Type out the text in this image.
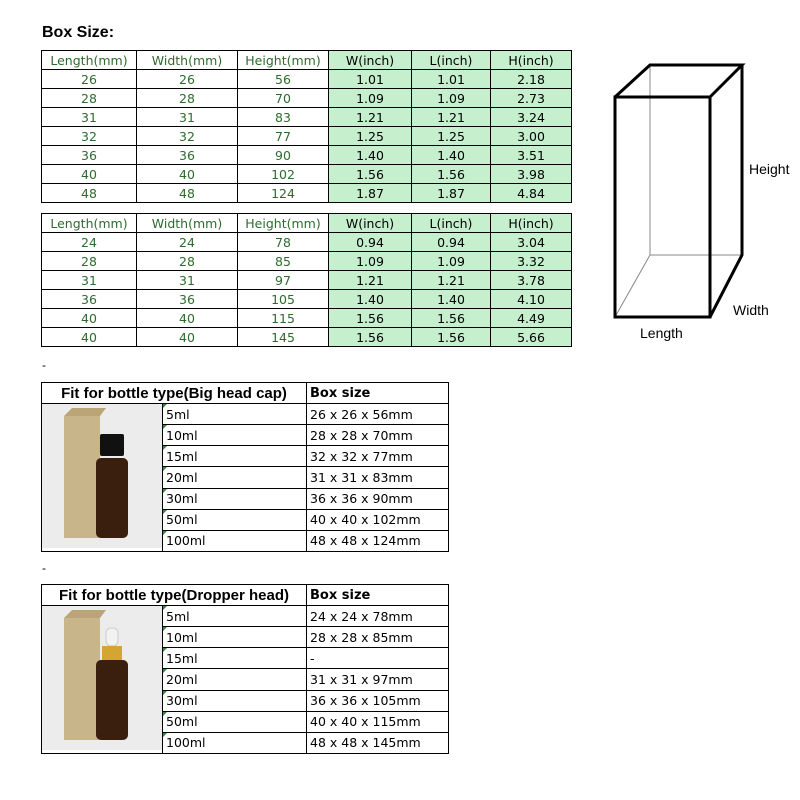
Box Size:
Length(mm)	Width(mm)	Height(mm)	W(inch)	L(inch)	H(inch)
26	26	56	1.01	1.01	2.18
28	28	70	1.09	1.09	2.73
31	31	83	1.21	1.21	3.24
32	32	77	1.25	1.25	3.00
36	36	90	1.40	1.40	3.51
40	40	102	1.56	1.56	3.98
48	48	124	1.87	1.87	4.84
Length(mm)	Width(mm)	Height(mm)	W(inch)	L(inch)	H(inch)
24	24	78	0.94	0.94	3.04
28	28	85	1.09	1.09	3.32
31	31	97	1.21	1.21	3.78
36	36	105	1.40	1.40	4.10
40	40	115	1.56	1.56	4.49
40	40	145	1.56	1.56	5.66
Height
Width
Length
-
Fit for bottle type(Big head cap)		Box size

5ml	26 x 26 x 56mm

10ml	28 x 28 x 70mm

15ml	32 x 32 x 77mm

20ml	31 x 31 x 83mm

30ml	36 x 36 x 90mm

50ml	40 x 40 x 102mm

100ml	48 x 48 x 124mm
-
Fit for bottle type(Dropper head)		Box size

5ml	24 x 24 x 78mm

10ml	28 x 28 x 85mm

15ml	-

20ml	31 x 31 x 97mm

30ml	36 x 36 x 105mm

50ml	40 x 40 x 115mm

100ml	48 x 48 x 145mm
